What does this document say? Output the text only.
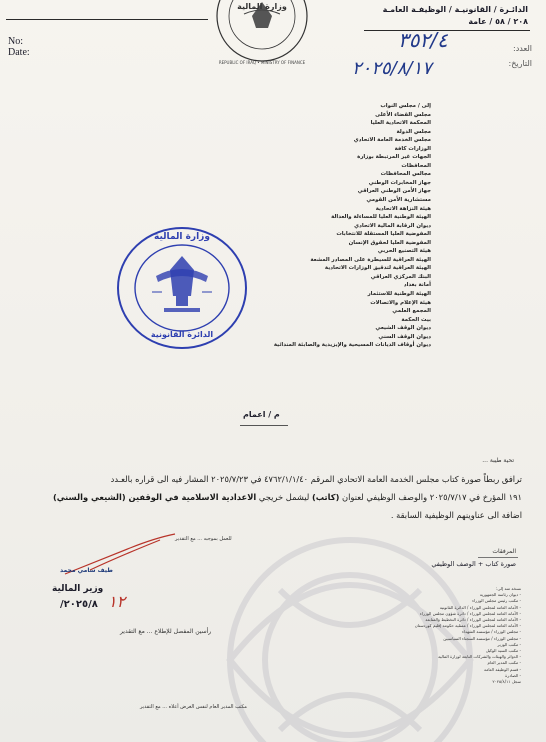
وزارة المالية
REPUBLIC OF IRAQ • MINISTRY OF FINANCE
الدائـرة / القانونيـة / الوظيفـة العامـة
٢٠٨ / ٥٨ / عامة
العدد:
التاريخ:
٣٥٢/٤
٢٠٢٥/٨/١٧
No:
Date:
إلى / مجلس النواب
مجلس القضاء الأعلى
المحكمة الاتحادية العليا
مجلس الدولة
مجلس الخدمة العامة الاتحادي
الوزارات كافة
الجهات غير المرتبطة بوزارة
المحافظات
مجالس المحافظات
جهاز المخابرات الوطني
جهاز الأمن الوطني العراقي
مستشارية الأمن القومي
هيئة النزاهة الاتحادية
الهيئة الوطنية العليا للمساءلة والعدالة
ديوان الرقابة المالية الاتحادي
المفوضية العليا المستقلة للانتخابات
المفوضية العليا لحقوق الإنسان
هيئة التصنيع الحربي
الهيئة العراقية للسيطرة على المصادر المشعة
الهيئة العراقية لتدقيق الوزارات الاتحادية
البنك المركزي العراقي
أمانة بغداد
الهيئة الوطنية للاستثمار
هيئة الإعلام والاتصالات
المجمع العلمي
بيت الحكمة
ديوان الوقف الشيعي
ديوان الوقف السني
ديوان أوقاف الديانات المسيحية والإيزيدية والصابئة المندائية
وزارة المالية
الدائرة القانونية
م / اعمام
تحية طيبة ...
ترافق ربطاً صورة كتاب مجلس الخدمة العامة الاتحادي المرقم ٤٧٦٢/١/١/٤٠ في ٢٠٢٥/٧/٢٣ المشار فيه الى قراره بالعـدد
١٩١ المؤرخ في ٢٠٢٥/٧/١٧ والوصف الوظيفي لعنوان (كاتب) ليشمل خريجي الاعدادية الاسلامية في الوقفين (الشيعي والسني)
اضافة الى عناوينهم الوظيفية السابقة .
للعمل بموجبه ... مع التقدير
طيف سامي محمد
وزير المالية
٢٠٢٥/٨/ ١٢
رأسين المفصل للإطلاع ... مع التقدير
مكتب المدير العام لنفس الغرض أعلاه ... مع التقدير
المرفقات
صورة كتاب + الوصف الوظيفي
نسخة منه إلى:
- ديوان رئاسة الجمهورية
- مكتب رئيس مجلس الوزراء
- الأمانة العامة لمجلس الوزراء / الدائرة القانونية
- الأمانة العامة لمجلس الوزراء / دائرة شؤون مجلس الوزراء
- الأمانة العامة لمجلس الوزراء / دائرة التخطيط والمتابعة
- الأمانة العامة لمجلس الوزراء / ممثلية حكومة إقليم كوردستان
- مجلس الوزراء / مؤسسة الشهداء
- مجلس الوزراء / مؤسسة السجناء السياسيين
- مكتب الوزير
- مكتب السيد الوكيل
- الدوائر والهيئات والشركات التابعة لوزارة المالية
- مكتب المدير العام
- قسم الوظيفة العامة
- الصادرة
سجل ٢٠٢٥/٨/١١
